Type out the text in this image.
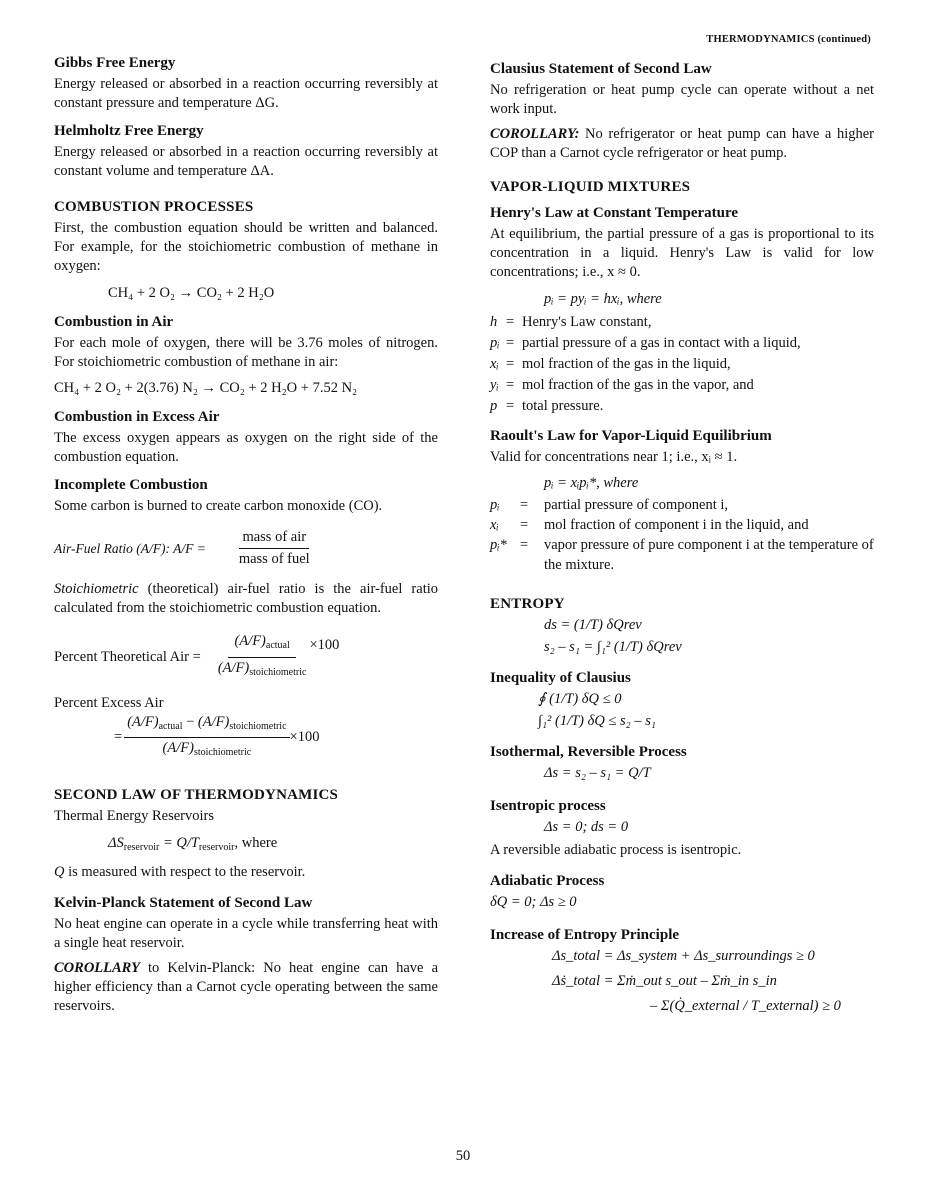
THERMODYNAMICS (continued)
Gibbs Free Energy

Energy released or absorbed in a reaction occurring reversibly at constant pressure and temperature ΔG.

Helmholtz Free Energy

Energy released or absorbed in a reaction occurring reversibly at constant volume and temperature ΔA.

COMBUSTION PROCESSES

First, the combustion equation should be written and balanced. For example, for the stoichiometric combustion of methane in oxygen:

CH₄ + 2 O₂ → CO₂ + 2 H₂O
Combustion in Air

For each mole of oxygen, there will be 3.76 moles of nitrogen. For stoichiometric combustion of methane in air:

CH₄ + 2 O₂ + 2(3.76) N₂ → CO₂ + 2 H₂O + 7.52 N₂
Combustion in Excess Air

The excess oxygen appears as oxygen on the right side of the combustion equation.

Incomplete Combustion

Some carbon is burned to create carbon monoxide (CO).

Air-Fuel Ratio (A/F): $A/F = \frac{\text{mass of air}}{\text{mass of fuel}}$

Stoichiometric (theoretical) air-fuel ratio is the air-fuel ratio calculated from the stoichiometric combustion equation.

Percent Theoretical Air = $\frac{(A/F)_{actual}}{(A/F)_{stoichiometric}} \times 100$
Percent Excess Air
= $\frac{(A/F)_{actual} - (A/F)_{stoichiometric}}{(A/F)_{stoichiometric}} \times 100$
SECOND LAW OF THERMODYNAMICS
Thermal Energy Reservoirs
$\Delta S_{reservoir} = Q/T_{reservoir}$, where

Q is measured with respect to the reservoir.

Kelvin-Planck Statement of Second Law

No heat engine can operate in a cycle while transferring heat with a single heat reservoir.

COROLLARY to Kelvin-Planck: No heat engine can have a higher efficiency than a Carnot cycle operating between the same reservoirs.

Clausius Statement of Second Law

No refrigeration or heat pump cycle can operate without a net work input.

COROLLARY: No refrigerator or heat pump can have a higher COP than a Carnot cycle refrigerator or heat pump.

VAPOR-LIQUID MIXTURES
Henry's Law at Constant Temperature

At equilibrium, the partial pressure of a gas is proportional to its concentration in a liquid. Henry's Law is valid for low concentrations; i.e., x ≈ 0.

pᵢ = pyᵢ = hxᵢ, where
h = Henry's Law constant,
pᵢ = partial pressure of a gas in contact with a liquid,
xᵢ = mol fraction of the gas in the liquid,
yᵢ = mol fraction of the gas in the vapor, and
p = total pressure.
Raoult's Law for Vapor-Liquid Equilibrium

Valid for concentrations near 1; i.e., xᵢ ≈ 1.

pᵢ = xᵢpᵢ*, where
pᵢ	=	partial pressure of component i,
xᵢ	=	mol fraction of component i in the liquid, and
pᵢ* =	vapor pressure of pure component i at the temperature of the mixture.
ENTROPY
ds = (1/T) δQrev
s₂ – s₁ = ∫₁² (1/T) δQrev
Inequality of Clausius
∮ (1/T) δQ ≤ 0
∫₁² (1/T) δQ ≤ s₂ – s₁
Isothermal, Reversible Process
Δs = s₂ – s₁ = Q/T
Isentropic process
Δs = 0; ds = 0

A reversible adiabatic process is isentropic.

Adiabatic Process
δQ = 0; Δs ≥ 0
Increase of Entropy Principle
Δs_total = Δs_system + Δs_surroundings ≥ 0
Δṡ_total = Σṁ_out s_out – Σṁ_in s_in
– Σ(Q̇_external / T_external) ≥ 0
50
